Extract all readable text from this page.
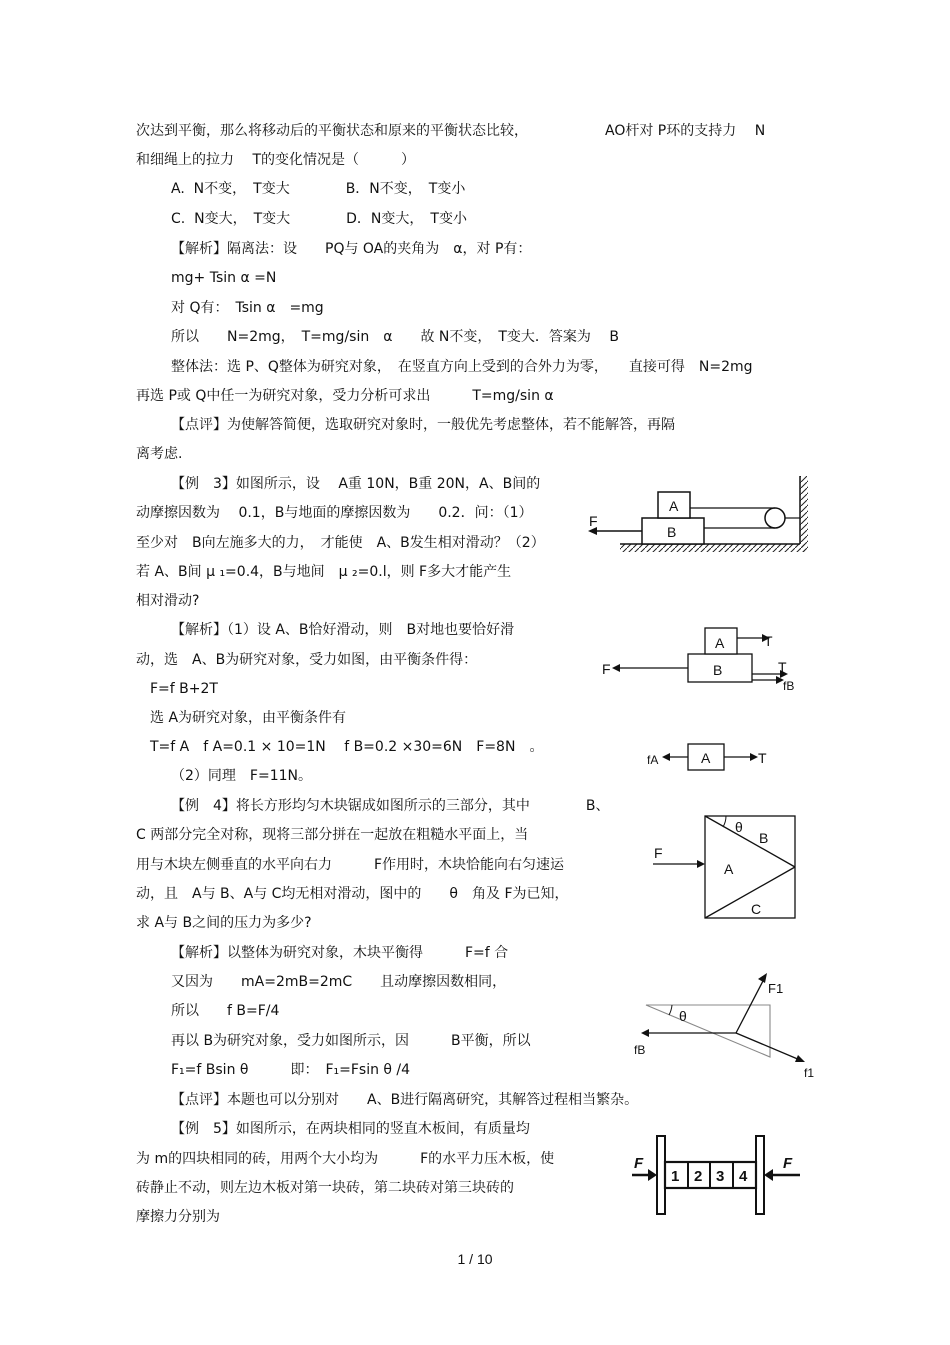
次达到平衡，那么将移动后的平衡状态和原来的平衡状态比较，　　　　　　AO杆对 P环的支持力　 N
和细绳上的拉力　 T的变化情况是（　　　）
A.  N不变，　T变大　　　　B．N不变，　T变小
C.  N变大，　T变大　　　　D．N变大，　T变小
【解析】隔离法：设　　PQ与 OA的夹角为　α，对 P有：
mg+ Tsin α =N
对 Q有：　Tsin α　=mg
所以　　N=2mg，　T=mg/sin　α　　故 N不变，　T变大．答案为　 B
整体法：选 P、Q整体为研究对象，　在竖直方向上受到的合外力为零，　　直接可得　N=2mg
再选 P或 Q中任一为研究对象，受力分析可求出　　　T=mg/sin α
【点评】为使解答简便，选取研究对象时，一般优先考虑整体，若不能解答，再隔
离考虑.
【例　3】如图所示，设　 A重 10N，B重 20N，A、B间的
动摩擦因数为　 0.1，B与地面的摩擦因数为　　0.2．问：（1）
至少对　B向左施多大的力，　才能使　A、B发生相对滑动？（2）
若 A、B间 μ ₁=0.4，B与地间　μ ₂=0.l，则 F多大才能产生
相对滑动?
【解析】（1）设 A、B恰好滑动，则　B对地也要恰好滑
动，选　A、B为研究对象，受力如图，由平衡条件得：
F=f B+2T
选 A为研究对象，由平衡条件有
T=f A　f A=0.1 × 10=1N　 f B=0.2 ×30=6N　F=8N　。
（2）同理　F=11N。
【例　4】将长方形均匀木块锯成如图所示的三部分，其中　　　　B、
C 两部分完全对称，现将三部分拼在一起放在粗糙水平面上，当
用与木块左侧垂直的水平向右力　　　F作用时，木块恰能向右匀速运
动，且　A与 B、A与 C均无相对滑动，图中的　　θ　角及 F为已知，
求 A与 B之间的压力为多少?
【解析】以整体为研究对象，木块平衡得　　　F=f 合
又因为　　mA=2mB=2mC　　且动摩擦因数相同，
所以　　f B=F/4
再以 B为研究对象，受力如图所示，因　　　B平衡，所以
F₁=f Bsin θ　　　即：　F₁=Fsin θ /4
【点评】本题也可以分别对　　A、B进行隔离研究，其解答过程相当繁杂。
【例　5】如图所示，在两块相同的竖直木板间，有质量均
为 m的四块相同的砖，用两个大小均为　　　F的水平力压木板，使
砖静止不动，则左边木板对第一块砖，第二块砖对第三块砖的
摩擦力分别为
A
B
F
A
B
T
F	T
fB
fA	A	T
θ
B
A
C
F
F1
θ
fB
f1
1 2 3 4
F	F
1 / 10
